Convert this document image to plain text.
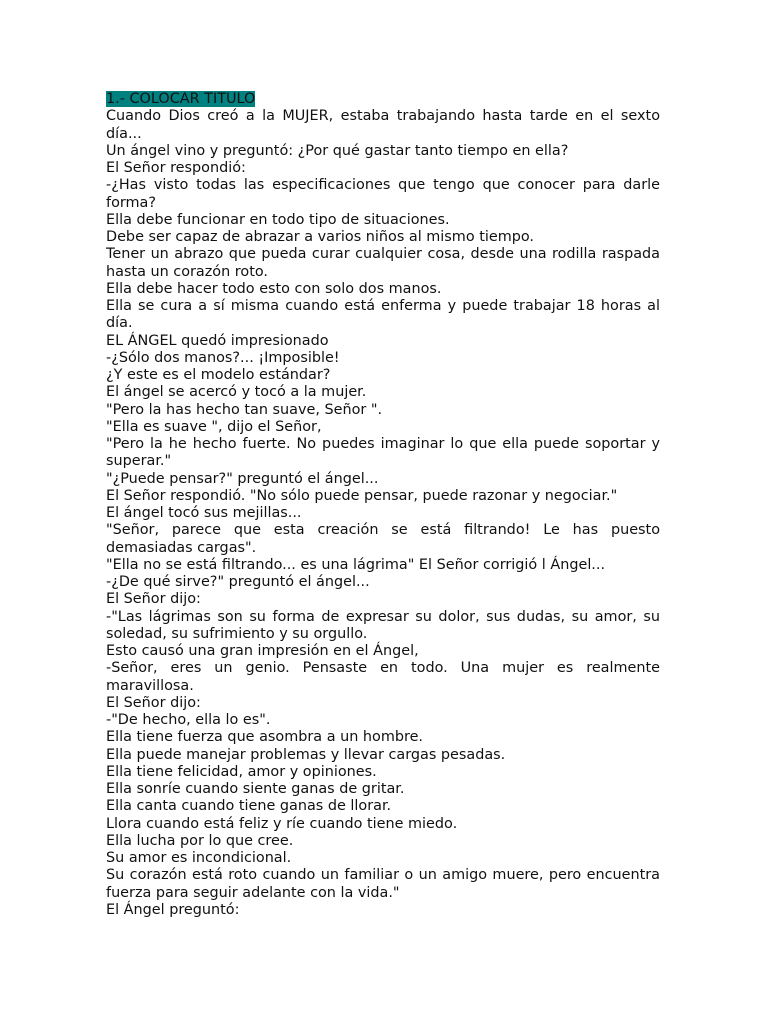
1.- COLOCAR TITULO

Cuando Dios creó a la MUJER, estaba trabajando hasta tarde en el sexto día...

Un ángel vino y preguntó: ¿Por qué gastar tanto tiempo en ella?

El Señor respondió:

-¿Has visto todas las especificaciones que tengo que conocer para darle forma?

Ella debe funcionar en todo tipo de situaciones.

Debe ser capaz de abrazar a varios niños al mismo tiempo.

Tener un abrazo que pueda curar cualquier cosa, desde una rodilla raspada hasta un corazón roto.

Ella debe hacer todo esto con solo dos manos.

Ella se cura a sí misma cuando está enferma y puede trabajar 18 horas al día.

EL ÁNGEL quedó impresionado

-¿Sólo dos manos?... ¡Imposible!

¿Y este es el modelo estándar?

El ángel se acercó y tocó a la mujer.

"Pero la has hecho tan suave, Señor ".

"Ella es suave ", dijo el Señor,

"Pero la he hecho fuerte. No puedes imaginar lo que ella puede soportar y superar."

"¿Puede pensar?" preguntó el ángel...

El Señor respondió. "No sólo puede pensar, puede razonar y negociar."

El ángel tocó sus mejillas...

"Señor, parece que esta creación se está filtrando! Le has puesto demasiadas cargas".

"Ella no se está filtrando... es una lágrima" El Señor corrigió l Ángel...

-¿De qué sirve?" preguntó el ángel...

El Señor dijo:

-"Las lágrimas son su forma de expresar su dolor, sus dudas, su amor, su soledad, su sufrimiento y su orgullo.

Esto causó una gran impresión en el Ángel,

-Señor, eres un genio. Pensaste en todo. Una mujer es realmente maravillosa.

El Señor dijo:

-"De hecho, ella lo es".

Ella tiene fuerza que asombra a un hombre.

Ella puede manejar problemas y llevar cargas pesadas.

Ella tiene felicidad, amor y opiniones.

Ella sonríe cuando siente ganas de gritar.

Ella canta cuando tiene ganas de llorar.

Llora cuando está feliz y ríe cuando tiene miedo.

Ella lucha por lo que cree.

Su amor es incondicional.

Su corazón está roto cuando un familiar o un amigo muere, pero encuentra fuerza para seguir adelante con la vida."

El Ángel preguntó:
